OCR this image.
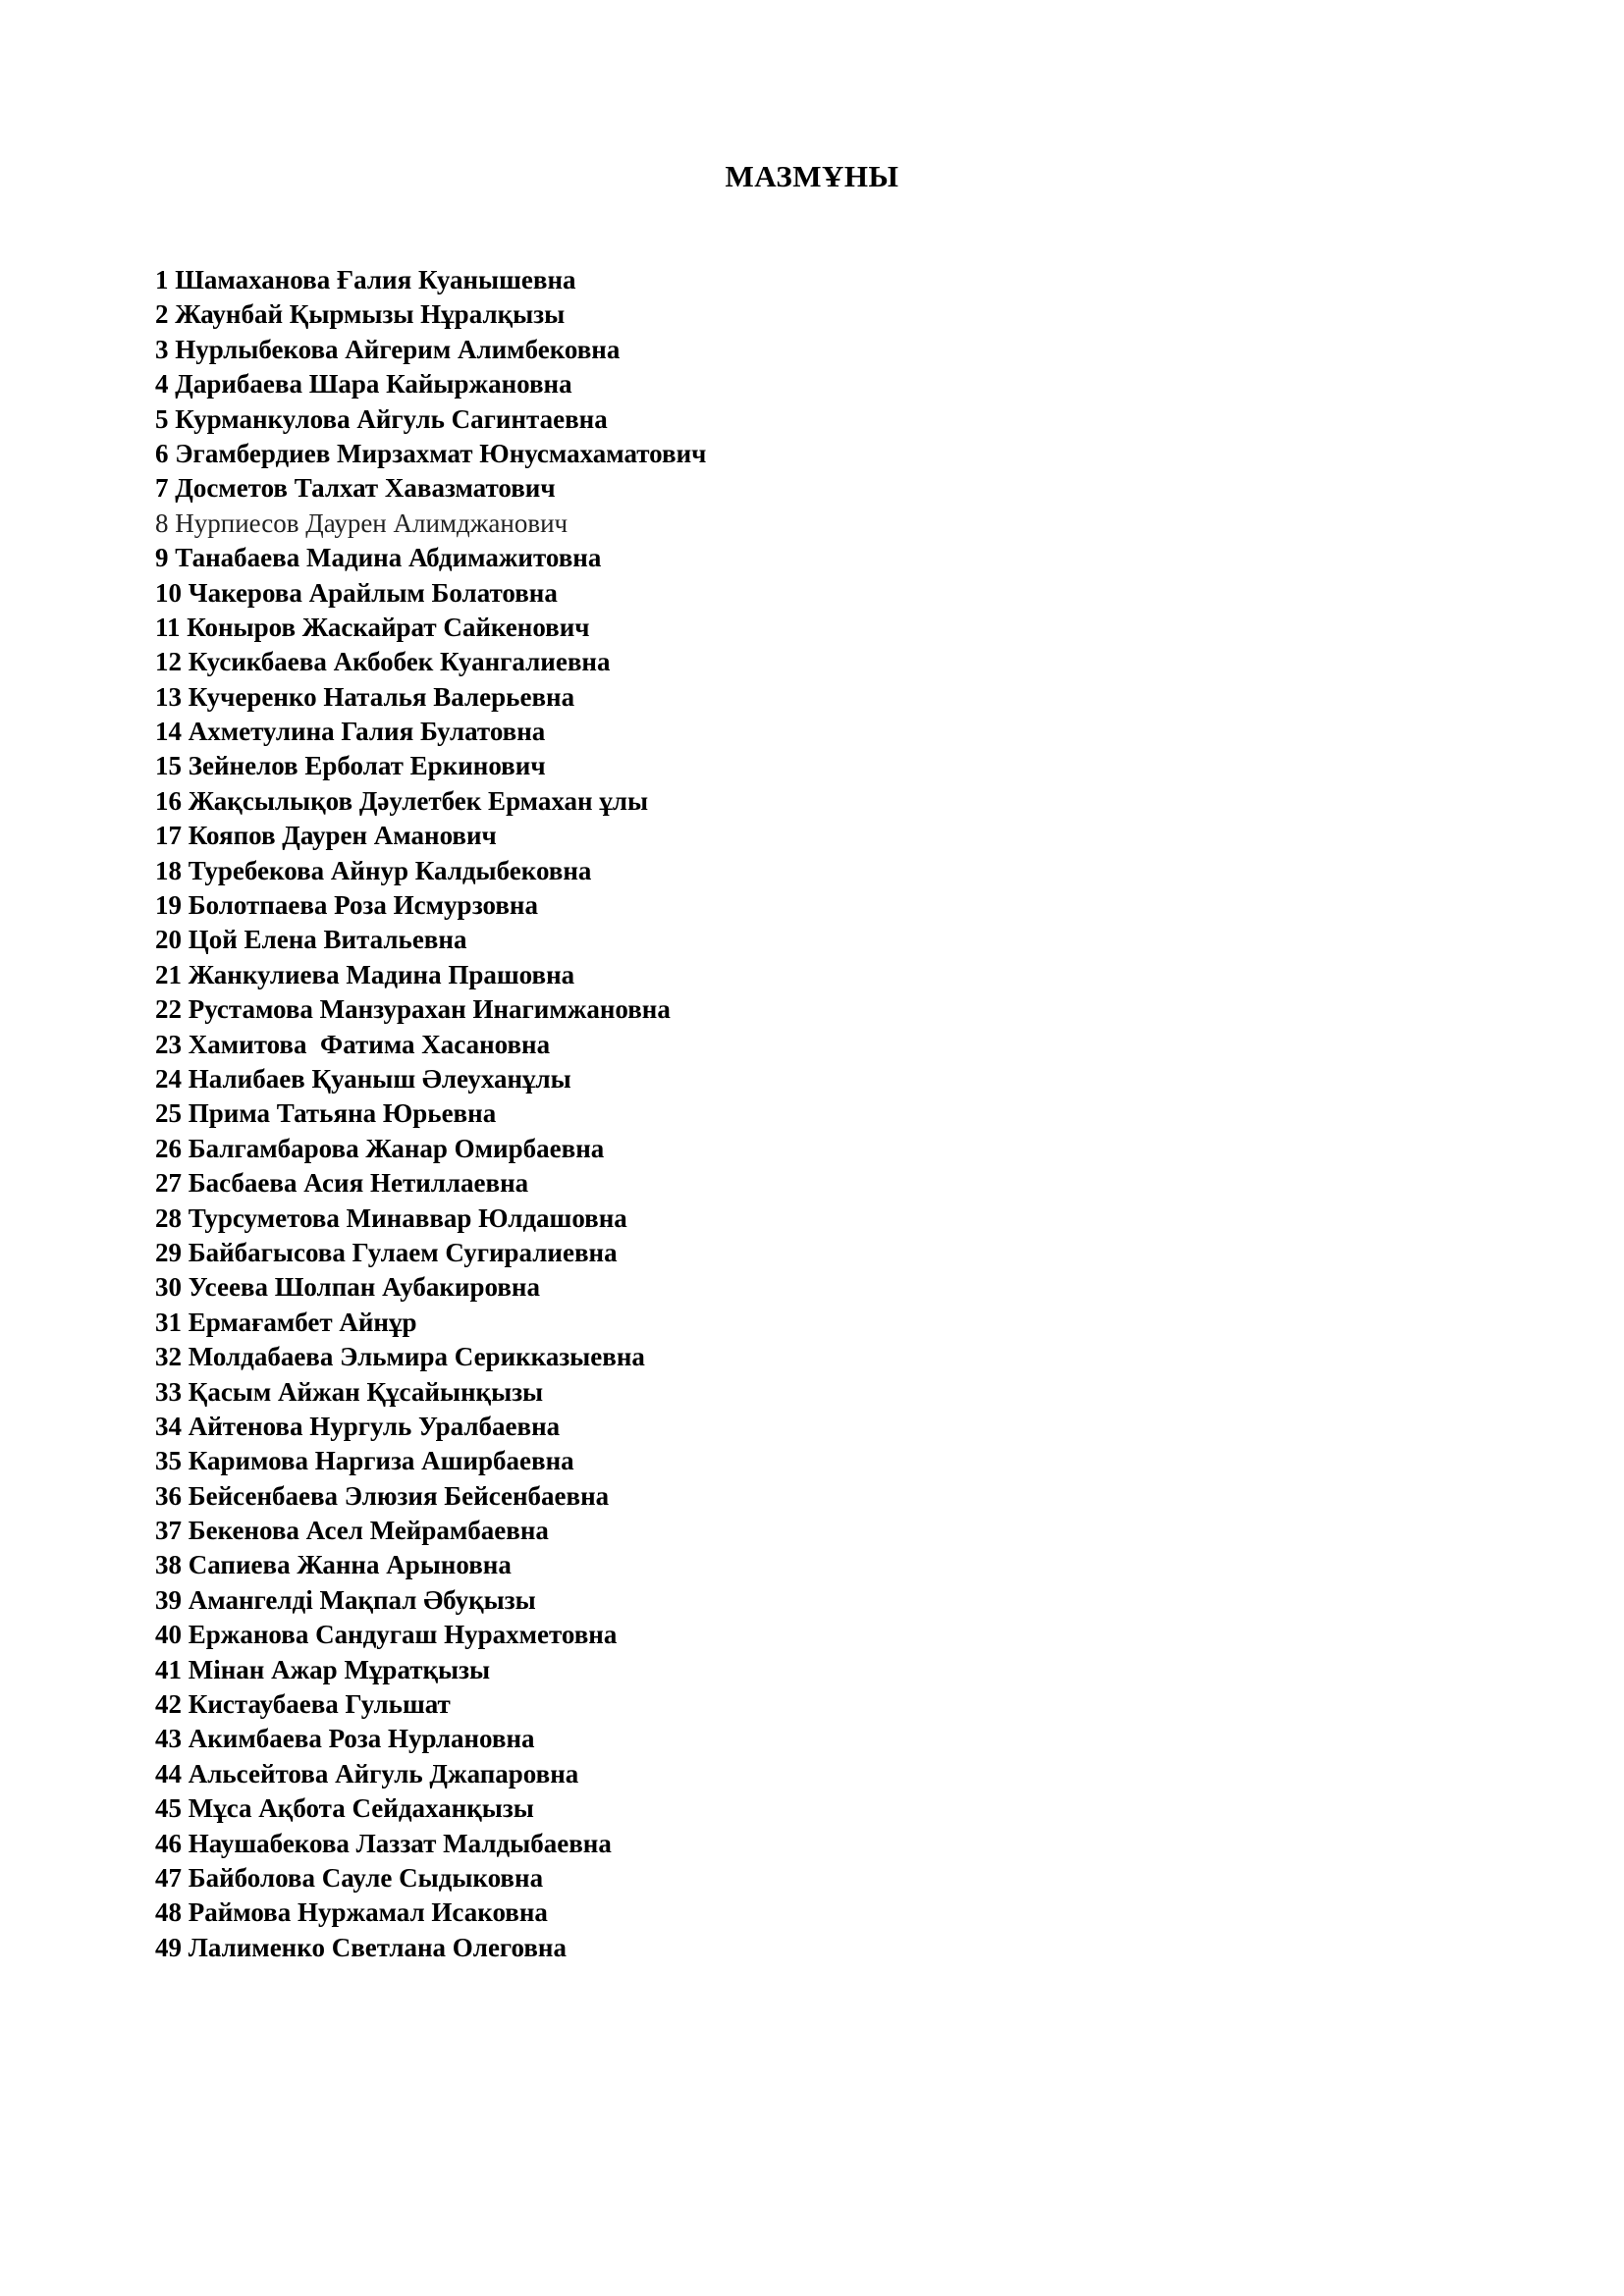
МАЗМҰНЫ
1 Шамаханова Ғалия Куанышевна
2 Жаунбай Қырмызы Нұралқызы
3 Нурлыбекова Айгерим Алимбековна
4 Дарибаева Шара Кайыржановна
5 Курманкулова Айгуль Сагинтаевна
6 Эгамбердиев Мирзахмат Юнусмахаматович
7 Досметов Талхат Хавазматович
8 Нурпиесов Даурен Алимджанович
9 Танабаева Мадина Абдимажитовна
10 Чакерова Арайлым Болатовна
11 Коныров Жаскайрат Сайкенович
12 Кусикбаева Акбобек Куангалиевна
13 Кучеренко Наталья Валерьевна
14 Ахметулина Галия Булатовна
15 Зейнелов Ерболат Еркинович
16 Жақсылықов Дәулетбек Ермахан ұлы
17 Кояпов Даурен Аманович
18 Туребекова Айнур Калдыбековна
19 Болотпаева Роза Исмурзовна
20 Цой Елена Витальевна
21 Жанкулиева Мадина Прашовна
22 Рустамова Манзурахан Инагимжановна
23 Хамитова  Фатима Хасановна
24 Налибаев Қуаныш Әлеуханұлы
25 Прима Татьяна Юрьевна
26 Балгамбарова Жанар Омирбаевна
27 Басбаева Асия Нетиллаевна
28 Турсуметова Минаввар Юлдашовна
29 Байбагысова Гулаем Сугиралиевна
30 Усеева Шолпан Аубакировна
31 Ермағамбет Айнұр
32 Молдабаева Эльмира Серикказыевна
33 Қасым Айжан Құсайынқызы
34 Айтенова Нургуль Уралбаевна
35 Каримова Наргиза Аширбаевна
36 Бейсенбаева Элюзия Бейсенбаевна
37 Бекенова Асел Мейрамбаевна
38 Сапиева Жанна Арыновна
39 Амангелді Мақпал Әбуқызы
40 Ержанова Сандугаш Нурахметовна
41 Мінан Ажар Мұратқызы
42 Кистаубаева Гульшат
43 Акимбаева Роза Нурлановна
44 Альсейтова Айгуль Джапаровна
45 Мұса Ақбота Сейдаханқызы
46 Наушабекова Лаззат Малдыбаевна
47 Байболова Сауле Сыдыковна
48 Раймова Нуржамал Исаковна
49 Лалименко Светлана Олеговна
